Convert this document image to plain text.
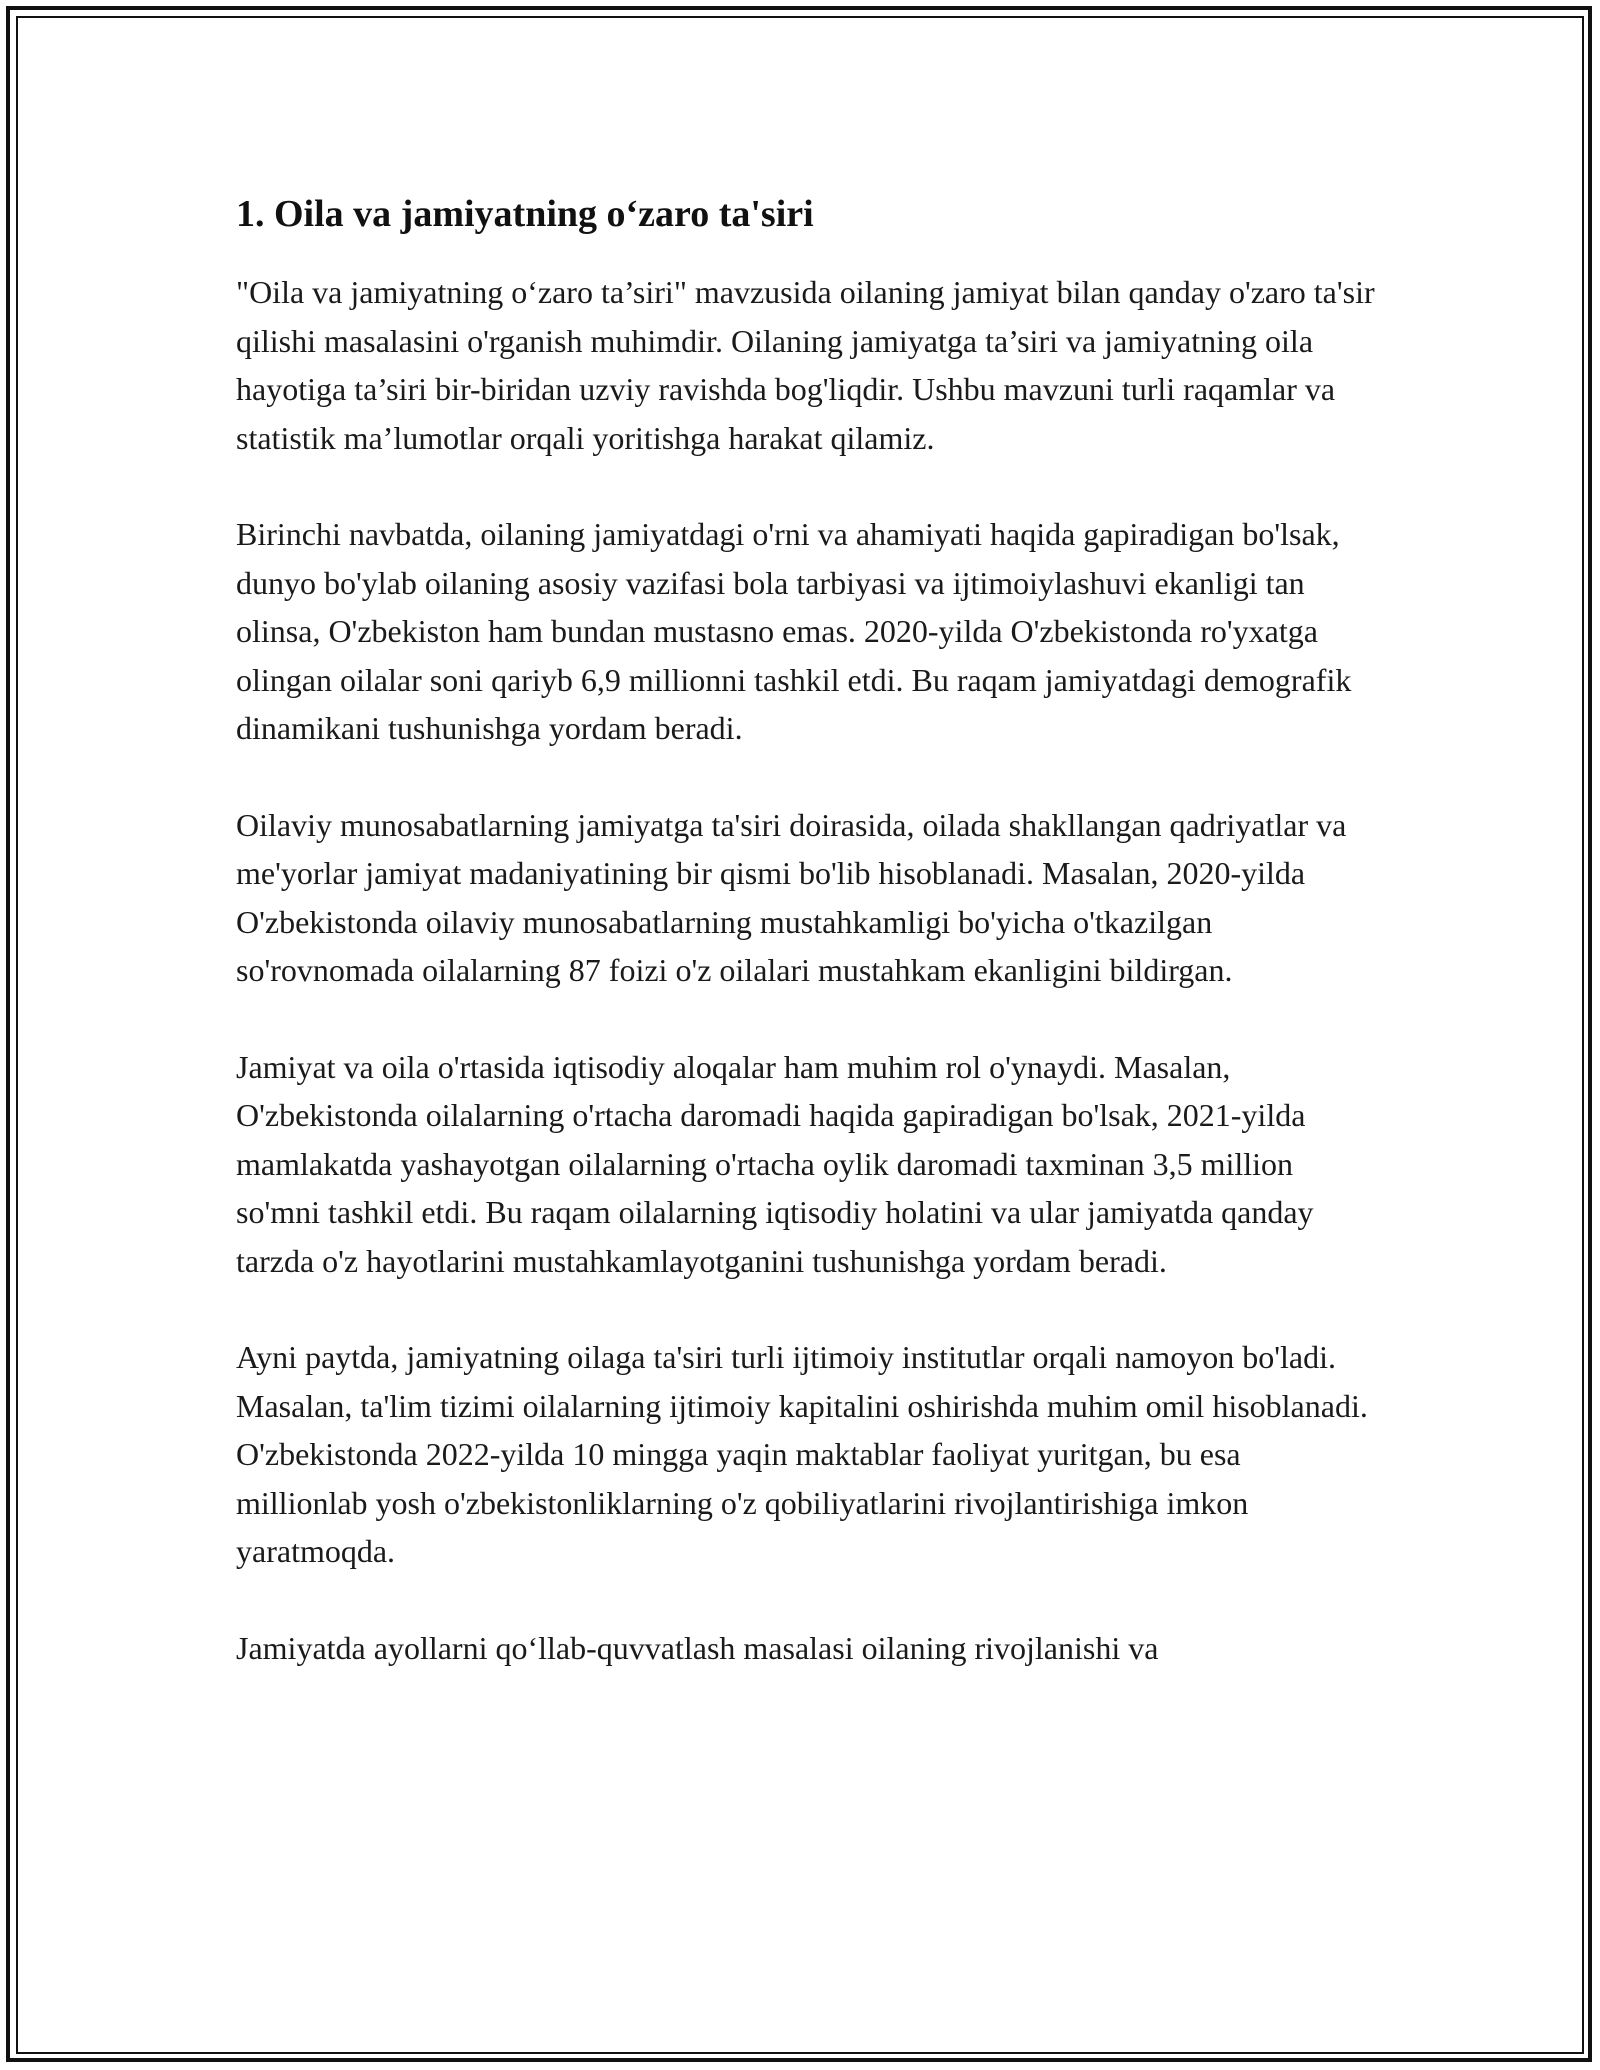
1. Oila va jamiyatning o‘zaro ta'siri

"Oila va jamiyatning o‘zaro ta’siri" mavzusida oilaning jamiyat bilan qanday o'zaro ta'sir qilishi masalasini o'rganish muhimdir. Oilaning jamiyatga ta’siri va jamiyatning oila hayotiga ta’siri bir-biridan uzviy ravishda bog'liqdir. Ushbu mavzuni turli raqamlar va statistik ma’lumotlar orqali yoritishga harakat qilamiz.

Birinchi navbatda, oilaning jamiyatdagi o'rni va ahamiyati haqida gapiradigan bo'lsak, dunyo bo'ylab oilaning asosiy vazifasi bola tarbiyasi va ijtimoiylashuvi ekanligi tan olinsa, O'zbekiston ham bundan mustasno emas. 2020-yilda O'zbekistonda ro'yxatga olingan oilalar soni qariyb 6,9 millionni tashkil etdi. Bu raqam jamiyatdagi demografik dinamikani tushunishga yordam beradi.

Oilaviy munosabatlarning jamiyatga ta'siri doirasida, oilada shakllangan qadriyatlar va me'yorlar jamiyat madaniyatining bir qismi bo'lib hisoblanadi. Masalan, 2020-yilda O'zbekistonda oilaviy munosabatlarning mustahkamligi bo'yicha o'tkazilgan so'rovnomada oilalarning 87 foizi o'z oilalari mustahkam ekanligini bildirgan.

Jamiyat va oila o'rtasida iqtisodiy aloqalar ham muhim rol o'ynaydi. Masalan, O'zbekistonda oilalarning o'rtacha daromadi haqida gapiradigan bo'lsak, 2021-yilda mamlakatda yashayotgan oilalarning o'rtacha oylik daromadi taxminan 3,5 million so'mni tashkil etdi. Bu raqam oilalarning iqtisodiy holatini va ular jamiyatda qanday tarzda o'z hayotlarini mustahkamlayotganini tushunishga yordam beradi.

Ayni paytda, jamiyatning oilaga ta'siri turli ijtimoiy institutlar orqali namoyon bo'ladi. Masalan, ta'lim tizimi oilalarning ijtimoiy kapitalini oshirishda muhim omil hisoblanadi. O'zbekistonda 2022-yilda 10 mingga yaqin maktablar faoliyat yuritgan, bu esa millionlab yosh o'zbekistonliklarning o'z qobiliyatlarini rivojlantirishiga imkon yaratmoqda.

Jamiyatda ayollarni qo‘llab-quvvatlash masalasi oilaning rivojlanishi va
